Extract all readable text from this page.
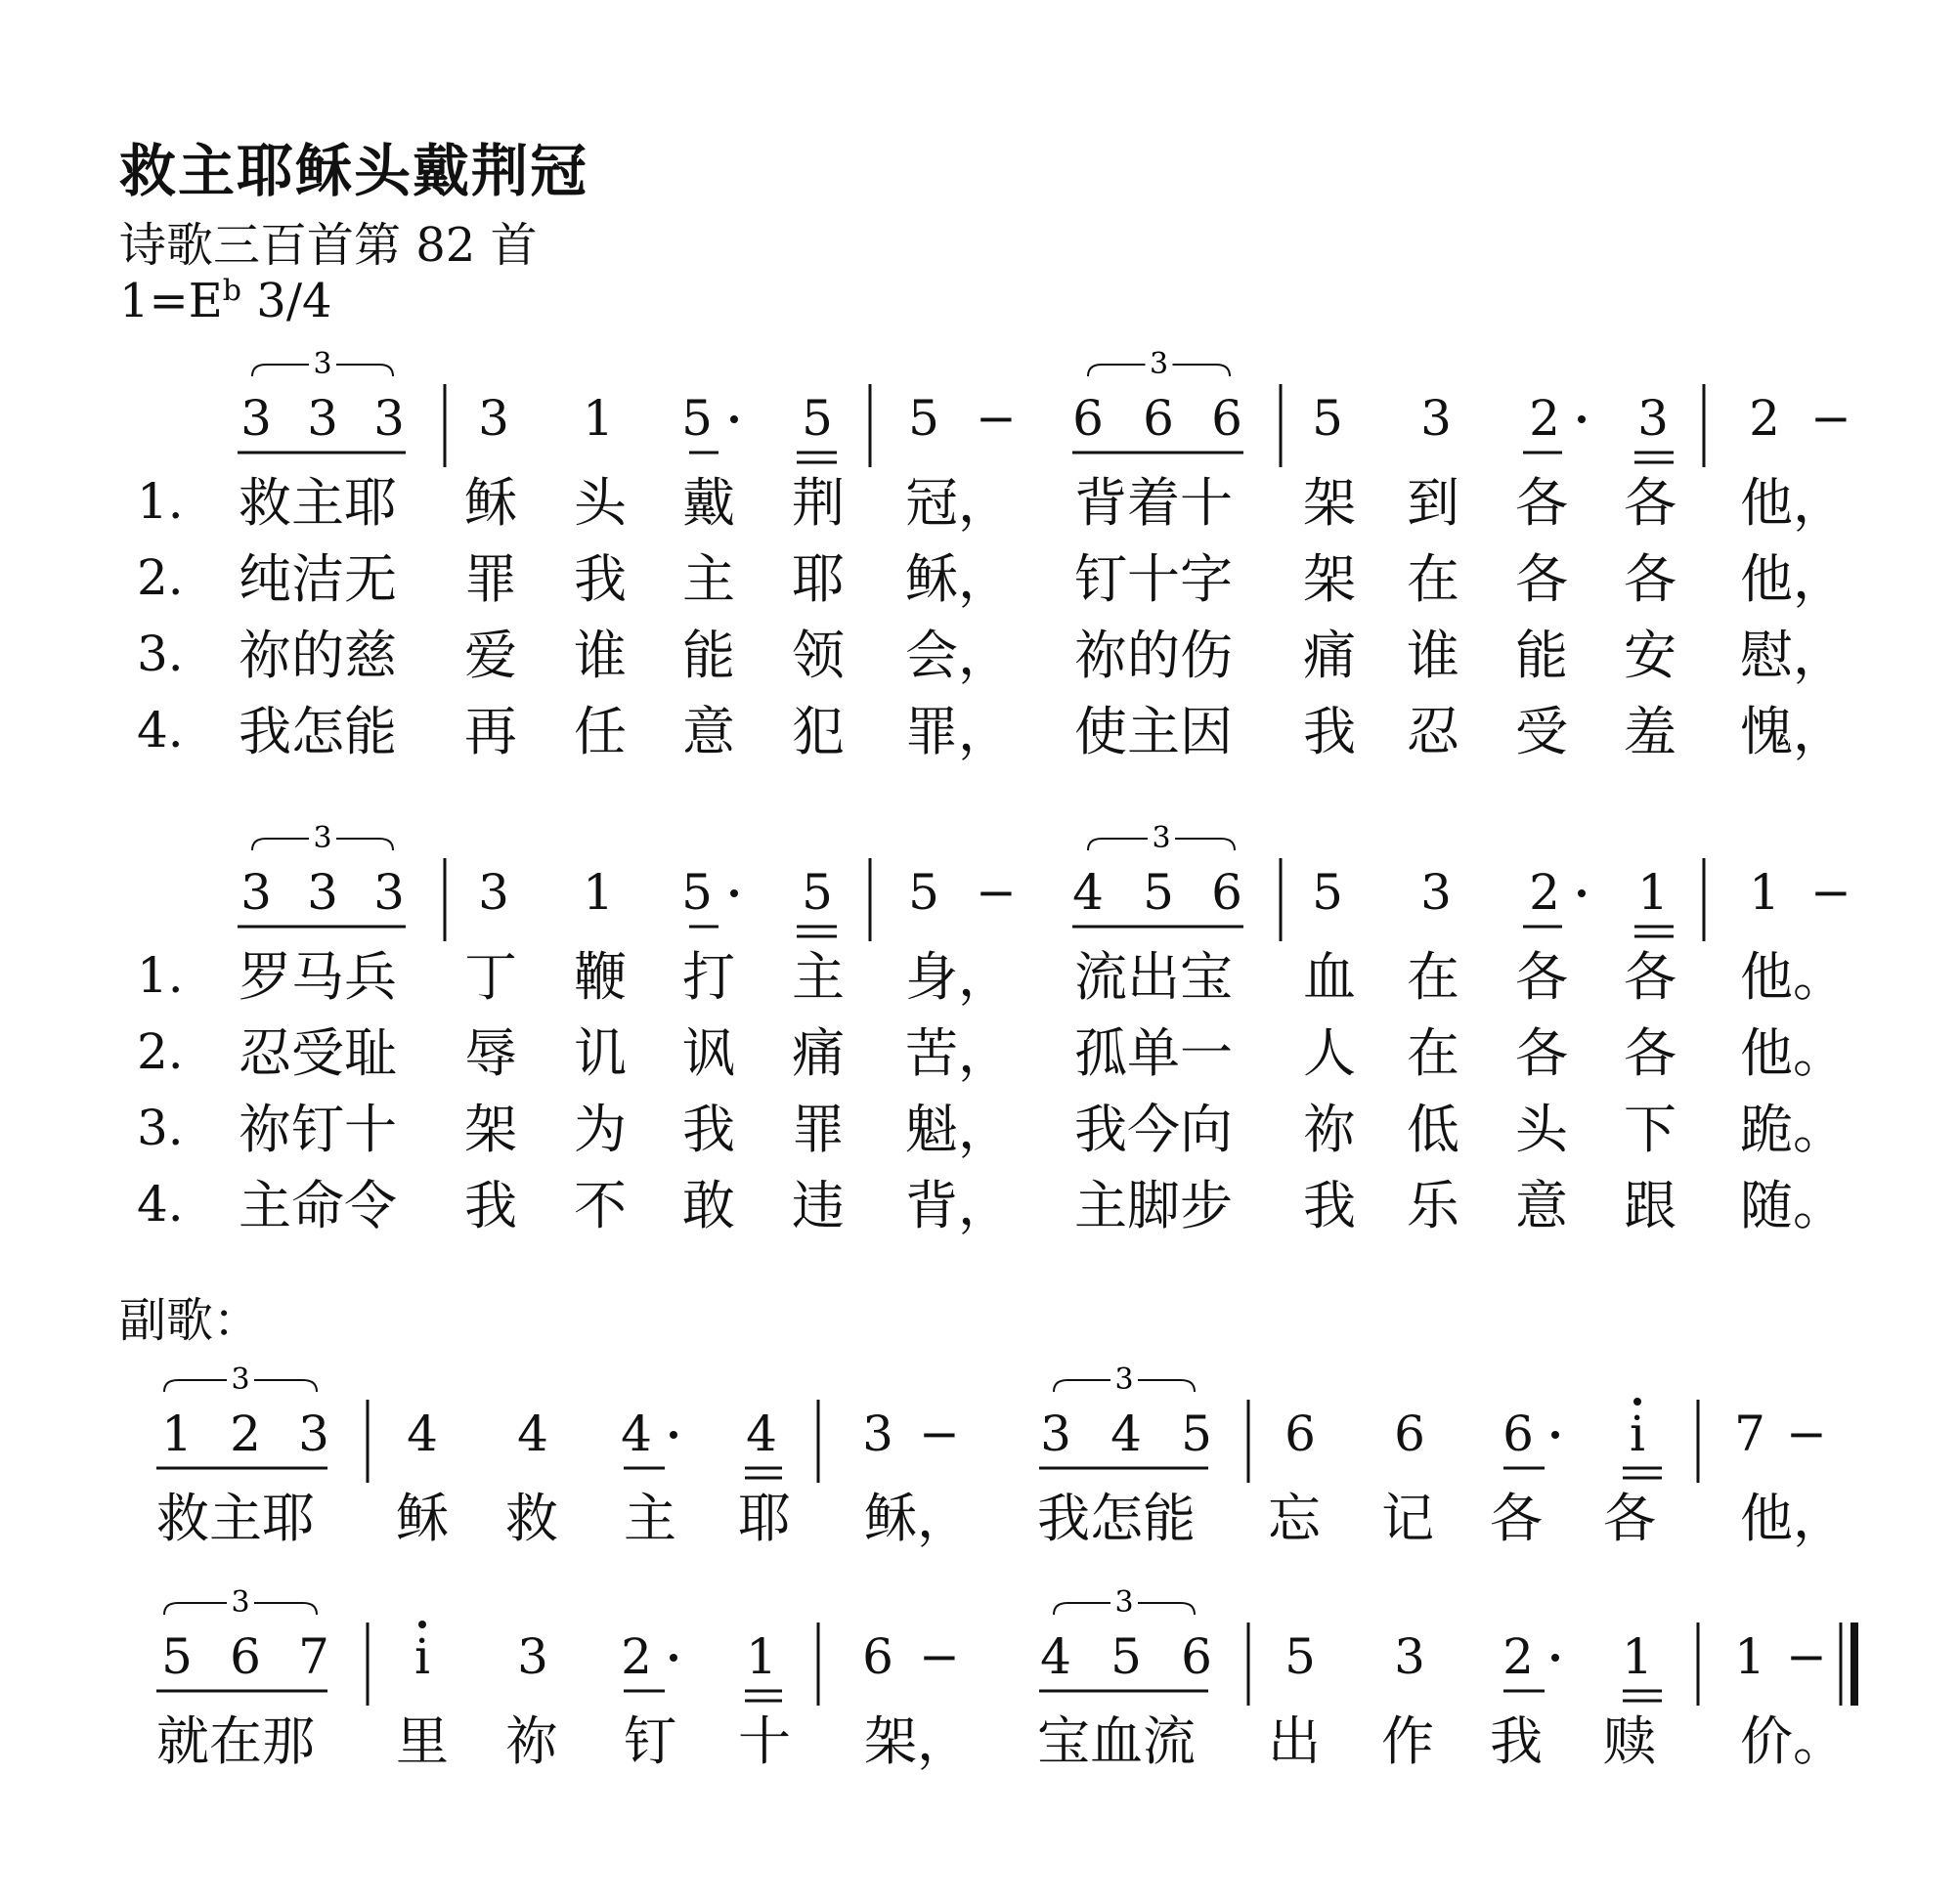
救主耶稣头戴荆冠
诗歌三百首第 82 首
$1=E^b$ 3/4
副歌：
3 3 3 3 1 5 5 5 − 6 6 6 5 3 2 3 2 −
1. 救主耶 稣 头 戴 荆 冠， 背着十 架 到 各 各 他，
2. 纯洁无 罪 我 主 耶 稣， 钉十字 架 在 各 各 他，
3. 祢的慈 爱 谁 能 领 会， 祢的伤 痛 谁 能 安 慰，
4. 我怎能 再 任 意 犯 罪， 使主因 我 忍 受 羞 愧，
3 3 3 3 1 5 5 5 − 4 5 6 5 3 2 1 1 −
1. 罗马兵 丁 鞭 打 主 身， 流出宝 血 在 各 各 他。
2. 忍受耻 辱 讥 讽 痛 苦， 孤单一 人 在 各 各 他。
3. 祢钉十 架 为 我 罪 魁， 我今向 祢 低 头 下 跪。
4. 主命令 我 不 敢 违 背， 主脚步 我 乐 意 跟 随。
1 2 3 4 4 4 4 3 − 3 4 5 6 6 6 i 7 −
救主耶 稣 救 主 耶 稣， 我怎能 忘 记 各 各 他，
5 6 7 i 3 2 1 6 − 4 5 6 5 3 2 1 1 −
就在那 里 祢 钉 十 架， 宝血流 出 作 我 赎 价。
3	3
3	3
3	3
3	3
